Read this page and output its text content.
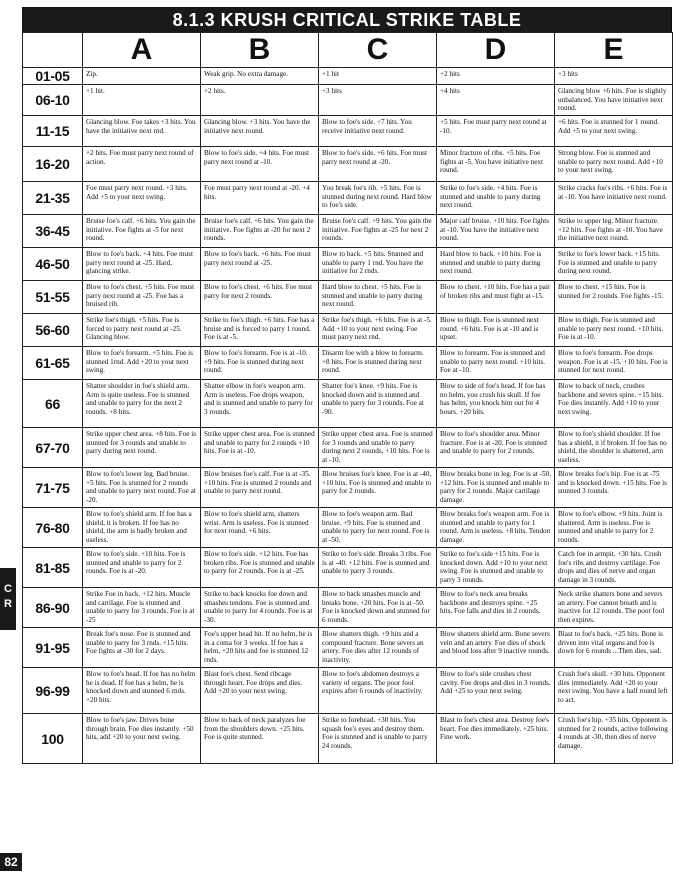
8.1.3 KRUSH CRITICAL STRIKE TABLE
	A	B	C	D	E
01-05	Zip.	Weak grip. No extra damage.	+1 hit	+2 hits	+3 hits
06-10	+1 hit.	+2 hits.	+3 hits	+4 hits	Glancing blow +6 hits. Foe is slightly unbalanced. You have initiative next round.
11-15	Glancing blow. Foe takes +3 hits. You have the initiative next rnd.	Glancing blow. +3 hits. You have the initiative next round.	Blow to foe's side. +7 hits. You receive initiative next round.	+5 hits. Foe must parry next round at -10.	+6 hits. Foe is stunned for 1 round. Add +5 to your next swing.
16-20	+2 hits. Foe must parry next round of action.	Blow to foe's side. +4 hits. Foe must parry next round at -10.	Blow to foe's side. +6 hits. Foe must parry next round at -20.	Minor fracture of ribs. +5 hits. Foe fights at -5. You have initiative next round.	Strong blow. Foe is stunned and unable to parry next round. Add +10 to your next swing.
21-35	Foe must parry next round. +3 hits. Add +5 to your next swing.	Foe must parry next round at -20. +4 hits.	You break foe's rib. +5 hits. Foe is stunned during next round. Hard blow to foe's side.	Strike to foe's side. +4 hits. Foe is stunned and unable to parry during next round.	Strike cracks foe's ribs. +6 hits. Foe is at -10. You have initiative next round.
36-45	Bruise foe's calf. +6 hits. You gain the initiative. Foe fights at -5 for next round.	Bruise foe's calf. +6 hits. You gain the initiative. Foe fights at -20 for next 2 rounds.	Bruise foe's calf. +9 hits. You gain the initiative. Foe fights at -25 for next 2 rounds.	Major calf bruise. +10 hits. Foe fights at -10. You have the initiative next round.	Strike to upper leg. Minor fracture. +12 hits. Foe fights at -10. You have the initiative next round.
46-50	Blow to foe's back. +4 hits. Foe must parry next round at -25. Hard, glancing strike.	Blow to foe's back. +6 hits. Foe must parry next round at -25.	Blow to back. +5 hits. Stunned and unable to parry 1 rnd. You have the initiative for 2 rnds.	Hard blow to back. +10 hits. Foe is stunned and unable to parry during next round.	Strike to foe's lower back. +15 hits. Foe is stunned and unable to parry during next round.
51-55	Blow to foe's chest. +5 hits. Foe must parry next round at -25. Foe has a bruised rib.	Blow to foe's chest. +6 hits. Foe must parry for next 2 rounds.	Hard blow to chest. +5 hits. Foe is stunned and unable to parry during next round.	Blow to chest. +10 hits. Foe has a pair of broken ribs and must fight at -15.	Blow to chest. +15 hits. Foe is stunned for 2 rounds. Foe fights -15.
56-60	Strike foe's thigh. +5 hits. Foe is forced to parry next round at -25. Glancing blow.	Strike to foe's thigh. +6 hits. Foe has a bruise and is forced to parry 1 round. Foe is at -5.	Strike foe's thigh. +6 hits. Foe is at -5. Add +10 to your next swing. Foe must parry next rnd.	Blow to thigh. Foe is stunned next round. +6 hits. Foe is at -10 and is upset.	Blow to thigh. Foe is stunned and unable to parry next round. +10 hits. Foe is at -10.
61-65	Blow to foe's forearm. +5 hits. Foe is stunned 1rnd. Add +20 to your next swing.	Blow to foe's forearm. Foe is at -10. +9 hits. Foe is stunned during next round.	Disarm foe with a blow to forearm. +8 hits. Foe is stunned during next round.	Blow to forearm. Foe is stunned and unable to parry next round. +10 hits. Foe at -10.	Blow to foe's forearm. Foe drops weapon. Foe is at -15. +10 hits. Foe is stunned for next round.
66	Shatter shoulder in foe's shield arm. Arm is quite useless. Foe is stunned and unable to parry for the next 2 rounds. +8 hits.	Shatter elbow in foe's weapon arm. Arm is useless. Foe drops weapon, and is stunned and unable to parry for 3 rounds.	Shatter foe's knee. +9 hits. Foe is knocked down and is stunned and unable to parry for 3 rounds. Foe at -90.	Blow to side of foe's head. If foe has no helm, you crush his skull. If foe has helm, you knock him out for 4 hours. +20 hits.	Blow to back of neck, crushes backbone and severs spine. +15 hits. Foe dies instantly. Add +10 to your next swing.
67-70	Strike upper chest area. +8 hits. Foe is stunned for 3 rounds and unable to parry during next round.	Strike upper chest area. Foe is stunned and unable to parry for 2 rounds +10 hits. Foe is at -10.	Strike upper chest area. Foe is stunned for 3 rounds and unable to parry during next 2 rounds, +10 hits. Foe is at -10.	Blow to foe's shoulder area. Minor fracture. Foe is at -20. Foe is stunned and unable to parry for 2 rounds.	Blow to foe's shield shoulder. If foe has a shield, it if broken. If foe has no shield, the shoulder is shattered, arm useless.
71-75	Blow to foe's lower leg. Bad bruise. +5 hits. Foe is stunned for 2 rounds and unable to parry next round. Foe at -20.	Blow bruises foe's calf. Foe is at -35. +10 hits. Foe is stunned 2 rounds and unable to parry next round.	Blow bruises foe's knee. Foe is at -40, +10 hits. Foe is stunned and unable to parry for 2 rounds.	Blow breaks bone in leg. Foe is at -50, +12 hits. Foe is stunned and unable to parry for 2 rounds. Major cartilage damage.	Blow breaks foe's hip. Foe is at -75 and is knocked down. +15 hits. Foe is stunned 3 rounds.
76-80	Blow to foe's shield arm. If foe has a shield, it is broken. If foe has no shield, the arm is badly broken and useless.	Blow to foe's shield arm, shatters wrist. Arm is useless. Foe is stunned for next round. +6 hits.	Blow to foe's weapon arm. Bad bruise. +9 hits. Foe is stunned and unable to parry for next round. Foe is at -50.	Blow breaks foe's weapon arm. Foe is stunned and unable to parry for 1 round. Arm is useless. +8 hits. Tendon damage.	Blow to foe's elbow. +9 hits. Joint is shattered. Arm is useless. Foe is stunned and unable to parry for 2 rounds.
81-85	Blow to foe's side. +10 hits. Foe is stunned and unable to parry for 2 rounds. Foe is at -20.	Blow to foe's side. +12 hits. Foe has broken ribs. Foe is stunned and unable to parry for 2 rounds. Foe is at -25.	Strike to foe's side. Breaks 3 ribs. Foe is at -40. +12 hits. Foe is stunned and unable to parry 3 rounds.	Strike to foe's side +15 hits. Foe is knocked down. Add +10 to your next swing. Foe is stunned and unable to parry 3 rounds.	Catch foe in armpit. +30 hits. Crush foe's ribs and destroy cartilage. Foe drops and dies of nerve and organ damage in 3 rounds.
86-90	Strike Foe in back. +12 hits. Muscle and cartilage. Foe is stunned and unable to parry for 3 rounds. Foe is at -25	Strike to back knocks foe down and smashes tendons. Foe is stunned and unable to parry for 4 rounds. Foe is at -30.	Blow to back smashes muscle and breaks bone. +20 hits. Foe is at -50. Foe is knocked down and stunned for 6 rounds.	Blow to foe's neck area breaks backbone and destroys spine. +25 hits. Foe falls and dies in 2 rounds.	Neck strike shatters bone and severs an artery. Foe cannot breath and is inactive for 12 rounds. The poor fool then expires.
91-95	Break foe's nose. Foe is stunned and unable to parry for 3 rnds. +15 hits. Foe fights at -30 for 2 days.	Foe's upper head hit. If no helm, he is in a coma for 3 weeks. If foe has a helm, +20 hits and foe is stunned 12 rnds.	Blow shatters thigh. +9 hits and a compound fracture. Bone severs an artery. Foe dies after 12 rounds of inactivity.	Blow shatters shield arm. Bone severs vein and an artery. Foe dies of shock and blood loss after 9 inactive rounds.	Blast to foe's back. +25 hits. Bone is driven into vital organs and foe is down for 6 rounds ...Then dies, sad.
96-99	Blow to foe's head. If foe has no helm he is dead. If foe has a helm, he is knocked down and stunned 6 rnds. +20 hits.	Blast foe's chest. Send ribcage through heart. Foe drops and dies. Add +20 to your next swing.	Blow to foe's abdomen destroys a variety of organs. The poor fool expires after 6 rounds of inactivity.	Blow to foe's side crushes chest cavity. Foe drops and dies in 3 rounds. Add +25 to your next swing.	Crush foe's skull. +30 hits. Opponent dies immediately. Add +20 to your next swing. You have a half round left to act.
100	Blow to foe's jaw. Drives bone through brain. Foe dies instantly. +50 hits, add +20 to your next swing.	Blow to back of neck paralyzes foe from the shoulders down. +25 hits. Foe is quite stunned.	Strike to forehead. +30 hits. You squash foe's eyes and destroy them. Foe is stunned and is unable to parry 24 rounds.	Blast to foe's chest area. Destroy foe's heart. Foe dies immediately. +25 hits. Fine work.	Crush foe's hip. +35 hits. Opponent is stunned for 2 rounds, active following 4 rounds at -30, then dies of nerve damage.
C
R
82
